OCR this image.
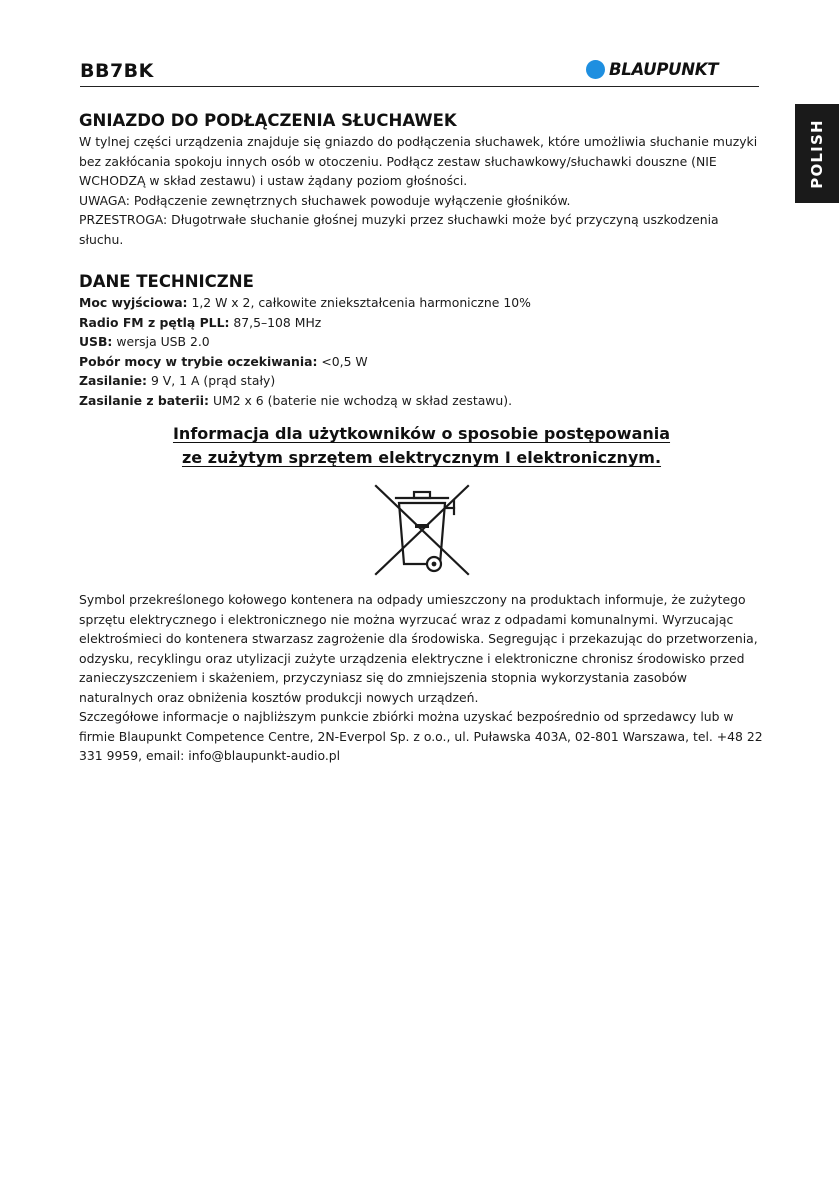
BB7BK	BLAUPUNKT
POLISH
GNIAZDO DO PODŁĄCZENIA SŁUCHAWEK
W tylnej części urządzenia znajduje się gniazdo do podłączenia słuchawek, które umożliwia słuchanie muzyki
bez zakłócania spokoju innych osób w otoczeniu. Podłącz zestaw słuchawkowy/słuchawki douszne (NIE
WCHODZĄ w skład zestawu) i ustaw żądany poziom głośności.
UWAGA: Podłączenie zewnętrznych słuchawek powoduje wyłączenie głośników.
PRZESTROGA: Długotrwałe słuchanie głośnej muzyki przez słuchawki może być przyczyną uszkodzenia
słuchu.
DANE TECHNICZNE
Moc wyjściowa: 1,2 W x 2, całkowite zniekształcenia harmoniczne 10%
Radio FM z pętlą PLL: 87,5–108 MHz
USB: wersja USB 2.0
Pobór mocy w trybie oczekiwania: <0,5 W
Zasilanie: 9 V, 1 A (prąd stały)
Zasilanie z baterii: UM2 x 6 (baterie nie wchodzą w skład zestawu).
Informacja dla użytkowników o sposobie postępowania
ze zużytym sprzętem elektrycznym I elektronicznym.
Symbol przekreślonego kołowego kontenera na odpady umieszczony na produktach informuje, że zużytego
sprzętu elektrycznego i elektronicznego nie można wyrzucać wraz z odpadami komunalnymi. Wyrzucając
elektrośmieci do kontenera stwarzasz zagrożenie dla środowiska. Segregując i przekazując do przetworzenia,
odzysku, recyklingu oraz utylizacji zużyte urządzenia elektryczne i elektroniczne chronisz środowisko przed
zanieczyszczeniem i skażeniem, przyczyniasz się do zmniejszenia stopnia wykorzystania zasobów
naturalnych oraz obniżenia kosztów produkcji nowych urządzeń.
Szczegółowe informacje o najbliższym punkcie zbiórki można uzyskać bezpośrednio od sprzedawcy lub w
firmie Blaupunkt Competence Centre, 2N-Everpol Sp. z o.o., ul. Puławska 403A, 02-801 Warszawa, tel. +48 22
331 9959, email: info@blaupunkt-audio.pl
